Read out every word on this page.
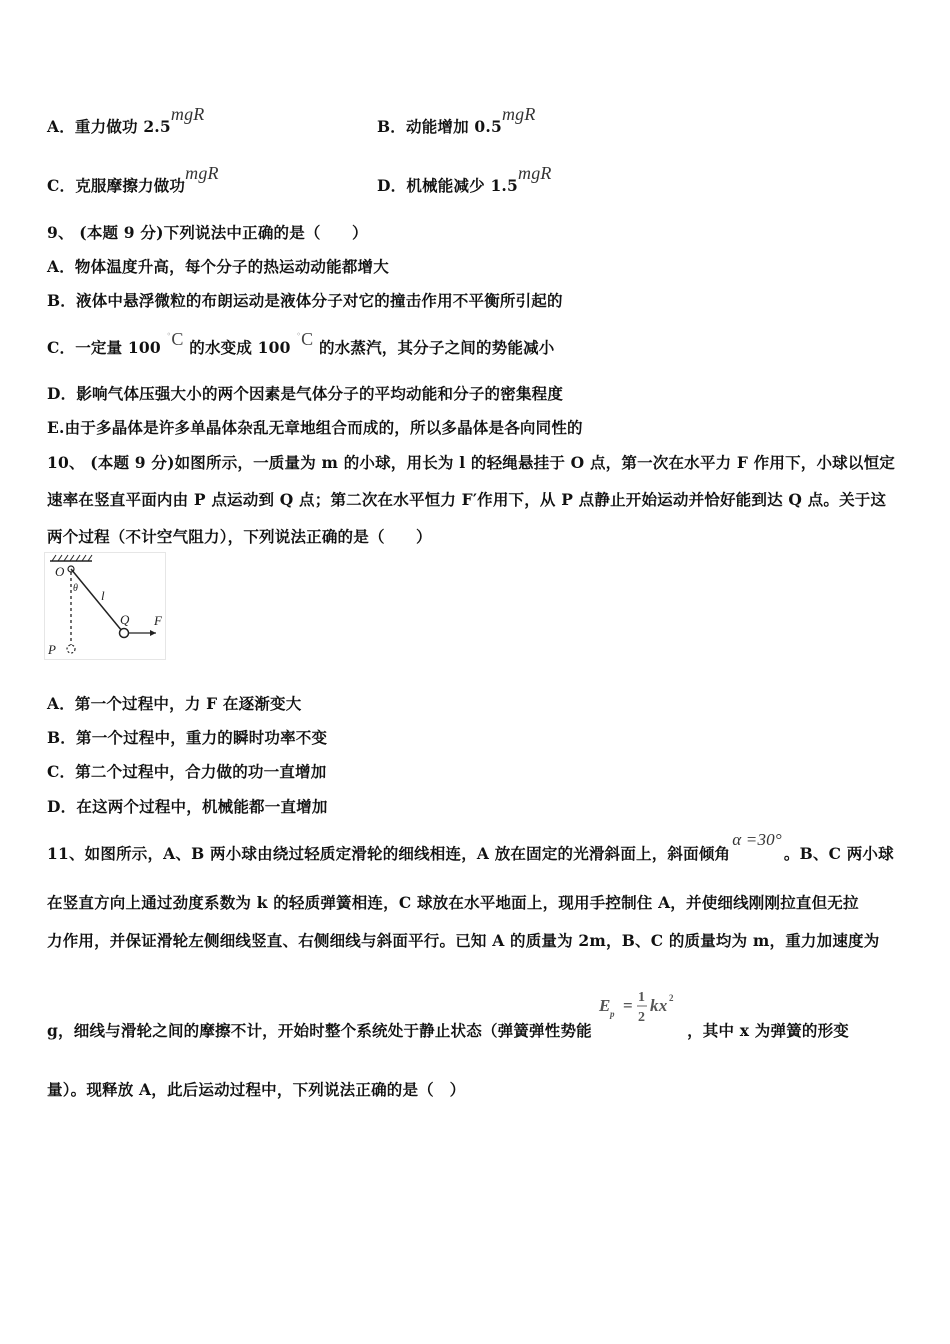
A．重力做功 2.5mgR
B．动能增加 0.5mgR
C．克服摩擦力做功mgR
D．机械能减少 1.5mgR
9、 (本题 9 分)下列说法中正确的是（　　）
A．物体温度升高，每个分子的热运动动能都增大
B．液体中悬浮微粒的布朗运动是液体分子对它的撞击作用不平衡所引起的
C．一定量 100 ◦C 的水变成 100 ◦C 的水蒸汽，其分子之间的势能减小
D．影响气体压强大小的两个因素是气体分子的平均动能和分子的密集程度
E.由于多晶体是许多单晶体杂乱无章地组合而成的，所以多晶体是各向同性的
10、 (本题 9 分)如图所示，一质量为 m 的小球，用长为 l 的轻绳悬挂于 O 点，第一次在水平力 F 作用下，小球以恒定
速率在竖直平面内由 P 点运动到 Q 点；第二次在水平恒力 F′作用下，从 P 点静止开始运动并恰好能到达 Q 点。关于这
两个过程（不计空气阻力），下列说法正确的是（　　）
O
θ l
Q F
P
A．第一个过程中，力 F 在逐渐变大
B．第一个过程中，重力的瞬时功率不变
C．第二个过程中，合力做的功一直增加
D．在这两个过程中，机械能都一直增加
11、如图所示，A、B 两小球由绕过轻质定滑轮的细线相连，A 放在固定的光滑斜面上，斜面倾角α =30°。B、C 两小球
在竖直方向上通过劲度系数为 k 的轻质弹簧相连，C 球放在水平地面上，现用手控制住 A，并使细线刚刚拉直但无拉
力作用，并保证滑轮左侧细线竖直、右侧细线与斜面平行。已知 A 的质量为 2m，B、C 的质量均为 m，重力加速度为
g，细线与滑轮之间的摩擦不计，开始时整个系统处于静止状态（弹簧弹性势能
E p = 1
2
kx 2
，其中 x 为弹簧的形变
量）。现释放 A，此后运动过程中，下列说法正确的是（　）
